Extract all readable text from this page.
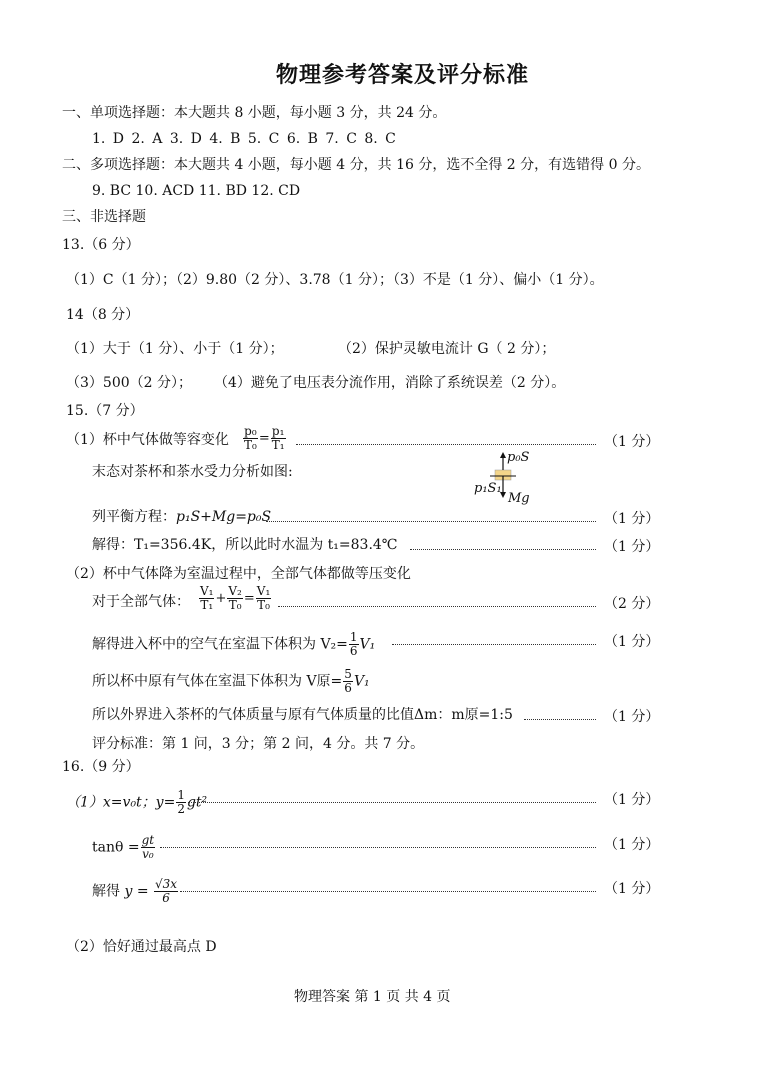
物理参考答案及评分标准
一、单项选择题：本大题共 8 小题，每小题 3 分，共 24 分。
1. D 2. A 3. D 4. B 5. C 6. B 7. C 8. C
二、多项选择题：本大题共 4 小题，每小题 4 分，共 16 分，选不全得 2 分，有选错得 0 分。
9. BC 10. ACD 11. BD 12. CD
三、非选择题
13.（6 分）
（1）C（1 分）；（2）9.80（2 分）、3.78（1 分）；（3）不是（1 分）、偏小（1 分）。
14（8 分）
（1）大于（1 分）、小于（1 分）；	（2）保护灵敏电流计 G（ 2 分）；
（3）500（2 分）； （4）避免了电压表分流作用，消除了系统误差（2 分）。
15.（7 分）
（1）杯中气体做等容变化 $\frac{\text{p₀}}{\text{T₀}} = \frac{\text{p₁}}{\text{T₁}}$	（1 分）
末态对茶杯和茶水受力分析如图:
p₀S
p₁S₁
Mg
列平衡方程：p₁S+Mg=p₀S	（1 分）
解得：T₁=356.4K，所以此时水温为 t₁=83.4℃	（1 分）
（2）杯中气体降为室温过程中，全部气体都做等压变化
对于全部气体： $\frac{\text{V₁}}{\text{T₁}} + \frac{\text{V₂}}{\text{T₀}} = \frac{\text{V₁}}{\text{T₀}}$	（2 分）
解得进入杯中的空气在室温下体积为 $V_2= \frac{1}{6} V_1$	（1 分）
所以杯中原有气体在室温下体积为 V原= $\frac{5}{6} V_1$
所以外界进入茶杯的气体质量与原有气体质量的比值Δm：m原=1:5	（1 分）
评分标准：第 1 问，3 分；第 2 问，4 分。共 7 分。
16.（9 分）
（1）x=v₀t；$y= \frac{1}{2} gt^2$	（1 分）
$\tan\theta = \frac{gt}{\text{v₀}}$	（1 分）
解得 $y = \frac{√3x}{6}$	（1 分）
（2）恰好通过最高点 D
物理答案 第 1 页 共 4 页
